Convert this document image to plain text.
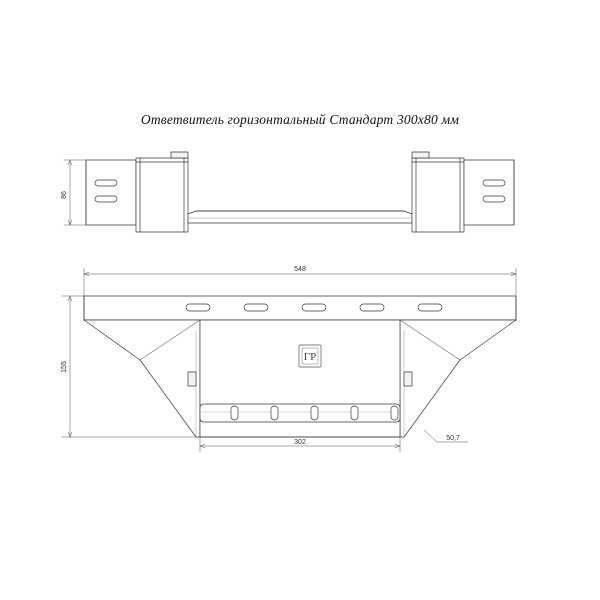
Ответвитель горизонтальный Стандарт 300х80 мм
86
548
155
302
50,7
ГР
